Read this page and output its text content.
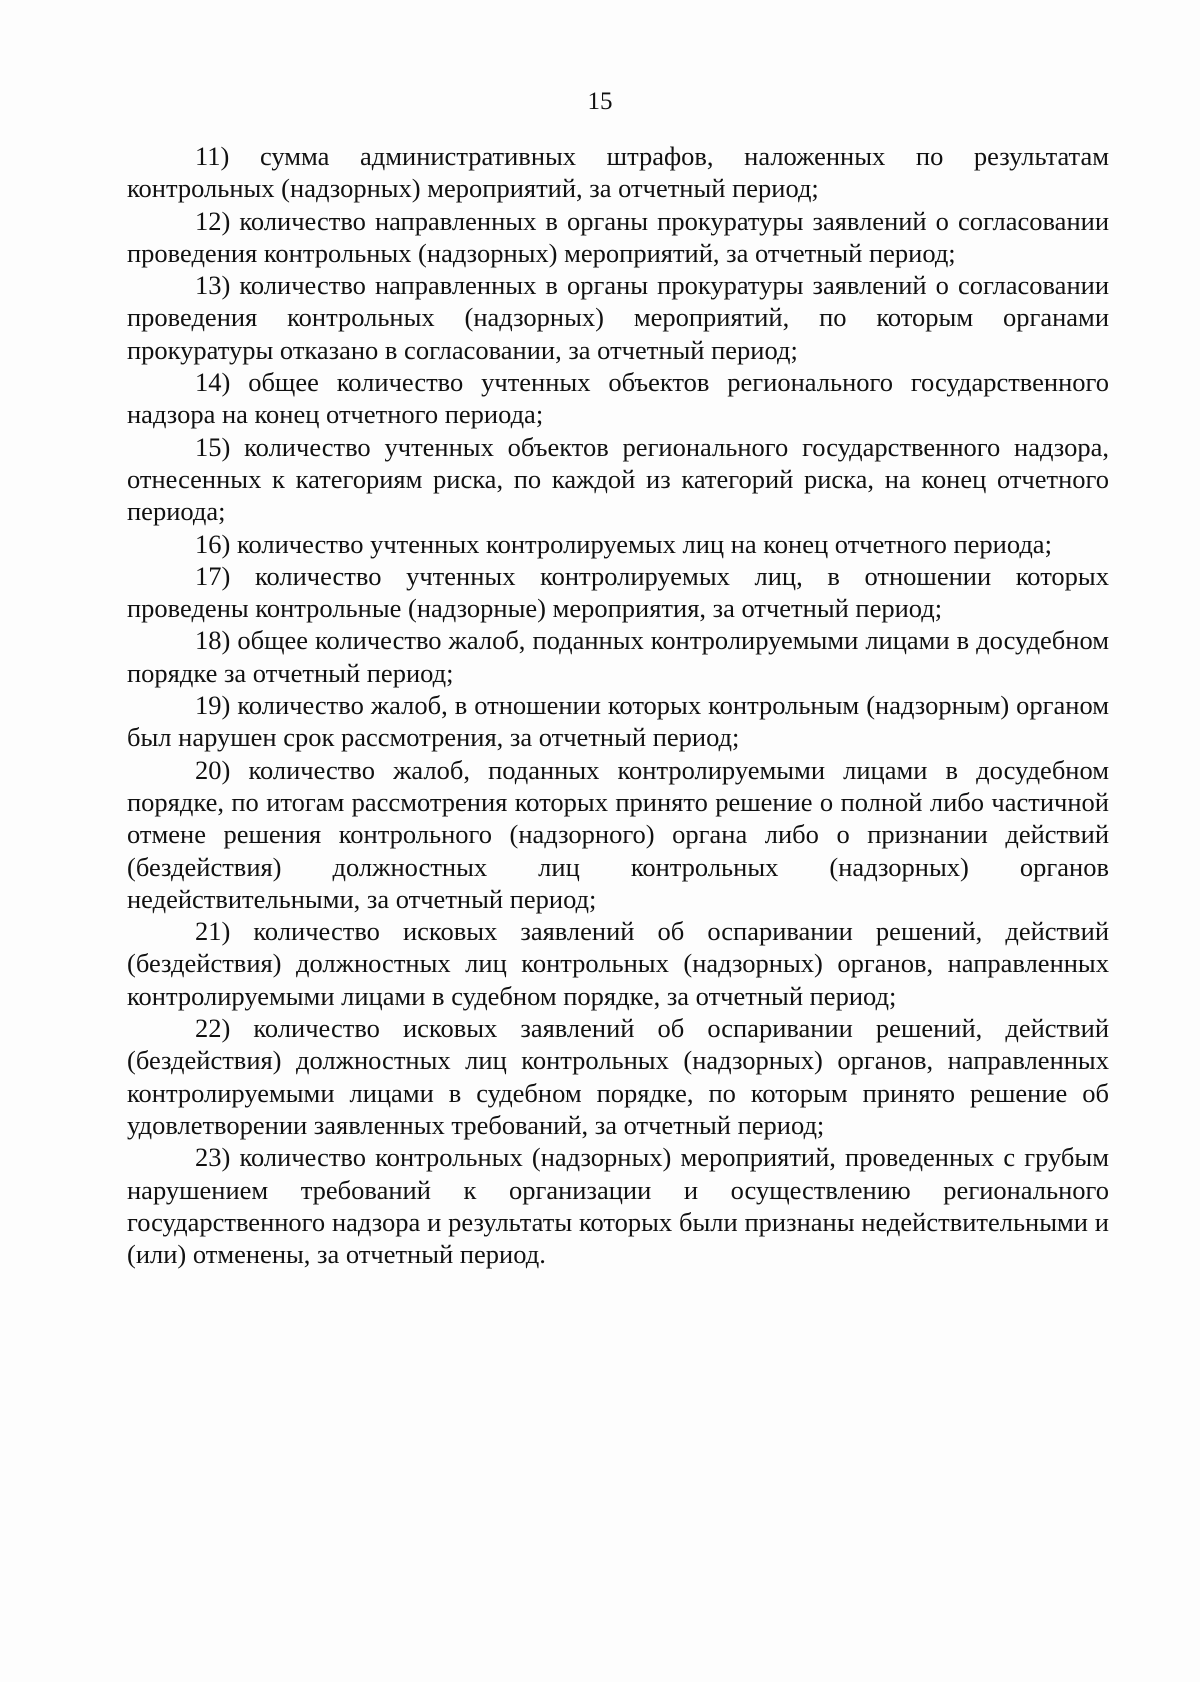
15

11) сумма административных штрафов, наложенных по результатам контрольных (надзорных) мероприятий, за отчетный период;

12) количество направленных в органы прокуратуры заявлений о согласовании проведения контрольных (надзорных) мероприятий, за отчетный период;

13) количество направленных в органы прокуратуры заявлений о согласовании проведения контрольных (надзорных) мероприятий, по которым органами прокуратуры отказано в согласовании, за отчетный период;

14) общее количество учтенных объектов регионального государственного надзора на конец отчетного периода;

15) количество учтенных объектов регионального государственного надзора, отнесенных к категориям риска, по каждой из категорий риска, на конец отчетного периода;

16) количество учтенных контролируемых лиц на конец отчетного периода;

17) количество учтенных контролируемых лиц, в отношении которых проведены контрольные (надзорные) мероприятия, за отчетный период;

18) общее количество жалоб, поданных контролируемыми лицами в досудебном порядке за отчетный период;

19) количество жалоб, в отношении которых контрольным (надзорным) органом был нарушен срок рассмотрения, за отчетный период;

20) количество жалоб, поданных контролируемыми лицами в досудебном порядке, по итогам рассмотрения которых принято решение о полной либо частичной отмене решения контрольного (надзорного) органа либо о признании действий (бездействия) должностных лиц контрольных (надзорных) органов недействительными, за отчетный период;

21) количество исковых заявлений об оспаривании решений, действий (бездействия) должностных лиц контрольных (надзорных) органов, направленных контролируемыми лицами в судебном порядке, за отчетный период;

22) количество исковых заявлений об оспаривании решений, действий (бездействия) должностных лиц контрольных (надзорных) органов, направленных контролируемыми лицами в судебном порядке, по которым принято решение об удовлетворении заявленных требований, за отчетный период;

23) количество контрольных (надзорных) мероприятий, проведенных с грубым нарушением требований к организации и осуществлению регионального государственного надзора и результаты которых были признаны недействительными и (или) отменены, за отчетный период.
